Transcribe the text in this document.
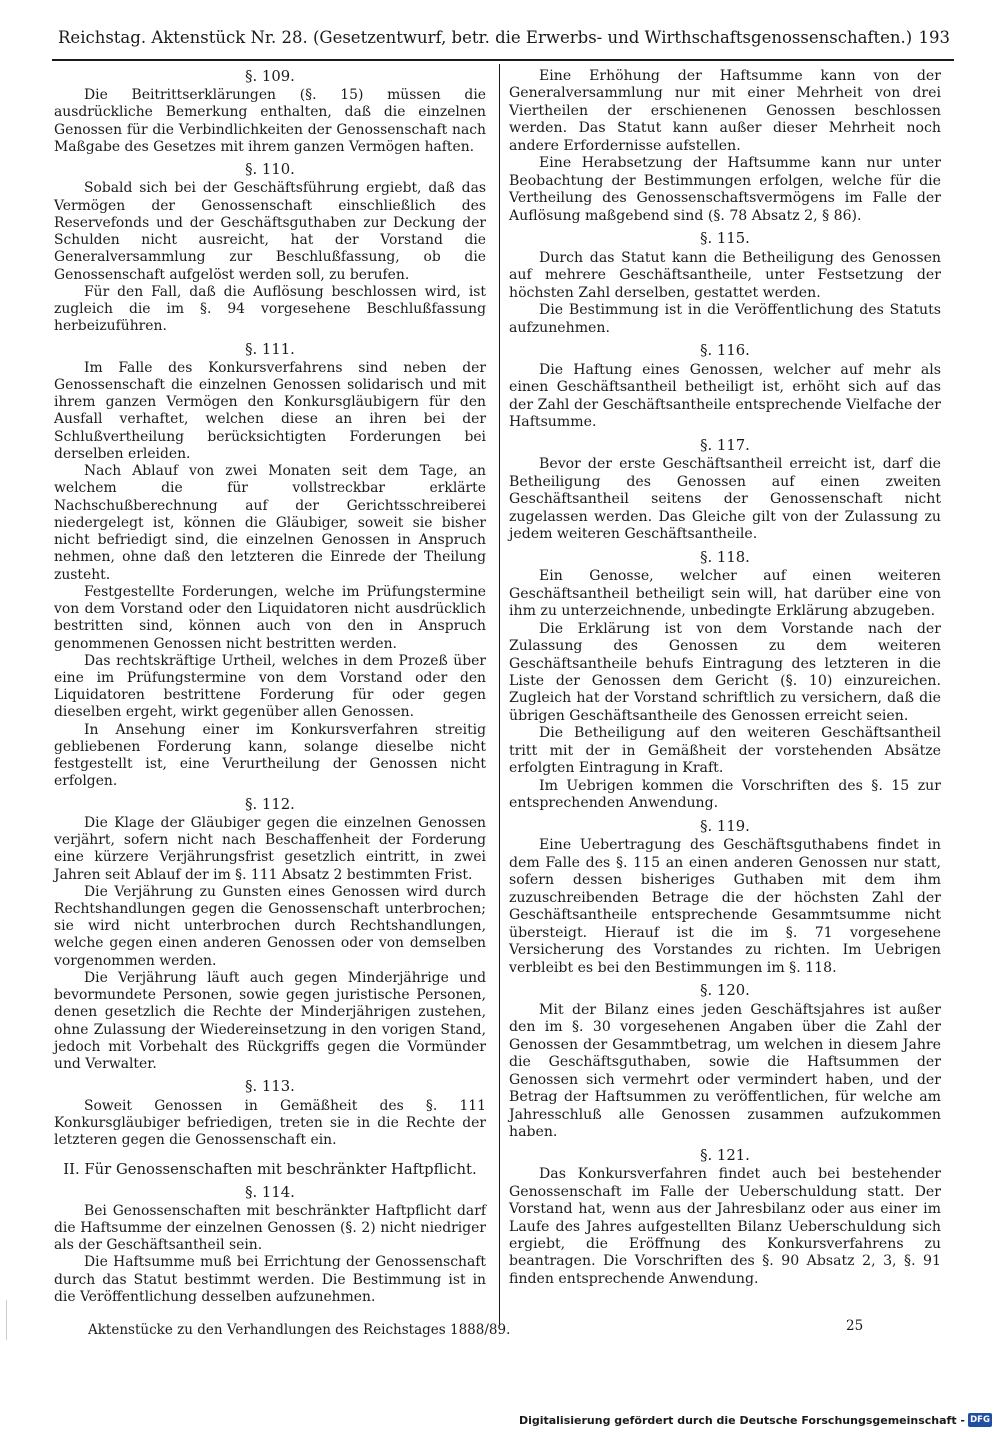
Reichstag. Aktenstück Nr. 28. (Gesetzentwurf, betr. die Erwerbs- und Wirthschaftsgenossenschaften.) 193
§. 109.
Die Beitrittserklärungen (§. 15) müssen die ausdrückliche Bemerkung enthalten, daß die einzelnen Genossen für die Verbindlichkeiten der Genossenschaft nach Maßgabe des Gesetzes mit ihrem ganzen Vermögen haften.
§. 110.
Sobald sich bei der Geschäftsführung ergiebt, daß das Vermögen der Genossenschaft einschließlich des Reservefonds und der Geschäftsguthaben zur Deckung der Schulden nicht ausreicht, hat der Vorstand die Generalversammlung zur Beschlußfassung, ob die Genossenschaft aufgelöst werden soll, zu berufen.
Für den Fall, daß die Auflösung beschlossen wird, ist zugleich die im §. 94 vorgesehene Beschlußfassung herbeizuführen.
§. 111.
Im Falle des Konkursverfahrens sind neben der Genossenschaft die einzelnen Genossen solidarisch und mit ihrem ganzen Vermögen den Konkursgläubigern für den Ausfall verhaftet, welchen diese an ihren bei der Schlußvertheilung berücksichtigten Forderungen bei derselben erleiden.
Nach Ablauf von zwei Monaten seit dem Tage, an welchem die für vollstreckbar erklärte Nachschußberechnung auf der Gerichtsschreiberei niedergelegt ist, können die Gläubiger, soweit sie bisher nicht befriedigt sind, die einzelnen Genossen in Anspruch nehmen, ohne daß den letzteren die Einrede der Theilung zusteht.
Festgestellte Forderungen, welche im Prüfungstermine von dem Vorstand oder den Liquidatoren nicht ausdrücklich bestritten sind, können auch von den in Anspruch genommenen Genossen nicht bestritten werden.
Das rechtskräftige Urtheil, welches in dem Prozeß über eine im Prüfungstermine von dem Vorstand oder den Liquidatoren bestrittene Forderung für oder gegen dieselben ergeht, wirkt gegenüber allen Genossen.
In Ansehung einer im Konkursverfahren streitig gebliebenen Forderung kann, solange dieselbe nicht festgestellt ist, eine Verurtheilung der Genossen nicht erfolgen.
§. 112.
Die Klage der Gläubiger gegen die einzelnen Genossen verjährt, sofern nicht nach Beschaffenheit der Forderung eine kürzere Verjährungsfrist gesetzlich eintritt, in zwei Jahren seit Ablauf der im §. 111 Absatz 2 bestimmten Frist.
Die Verjährung zu Gunsten eines Genossen wird durch Rechtshandlungen gegen die Genossenschaft unterbrochen; sie wird nicht unterbrochen durch Rechtshandlungen, welche gegen einen anderen Genossen oder von demselben vorgenommen werden.
Die Verjährung läuft auch gegen Minderjährige und bevormundete Personen, sowie gegen juristische Personen, denen gesetzlich die Rechte der Minderjährigen zustehen, ohne Zulassung der Wiedereinsetzung in den vorigen Stand, jedoch mit Vorbehalt des Rückgriffs gegen die Vormünder und Verwalter.
§. 113.
Soweit Genossen in Gemäßheit des §. 111 Konkursgläubiger befriedigen, treten sie in die Rechte der letzteren gegen die Genossenschaft ein.
II. Für Genossenschaften mit beschränkter Haftpflicht.
§. 114.
Bei Genossenschaften mit beschränkter Haftpflicht darf die Haftsumme der einzelnen Genossen (§. 2) nicht niedriger als der Geschäftsantheil sein.
Die Haftsumme muß bei Errichtung der Genossenschaft durch das Statut bestimmt werden. Die Bestimmung ist in die Veröffentlichung desselben aufzunehmen.
Eine Erhöhung der Haftsumme kann von der Generalversammlung nur mit einer Mehrheit von drei Viertheilen der erschienenen Genossen beschlossen werden. Das Statut kann außer dieser Mehrheit noch andere Erfordernisse aufstellen.
Eine Herabsetzung der Haftsumme kann nur unter Beobachtung der Bestimmungen erfolgen, welche für die Vertheilung des Genossenschaftsvermögens im Falle der Auflösung maßgebend sind (§. 78 Absatz 2, § 86).
§. 115.
Durch das Statut kann die Betheiligung des Genossen auf mehrere Geschäftsantheile, unter Festsetzung der höchsten Zahl derselben, gestattet werden.
Die Bestimmung ist in die Veröffentlichung des Statuts aufzunehmen.
§. 116.
Die Haftung eines Genossen, welcher auf mehr als einen Geschäftsantheil betheiligt ist, erhöht sich auf das der Zahl der Geschäftsantheile entsprechende Vielfache der Haftsumme.
§. 117.
Bevor der erste Geschäftsantheil erreicht ist, darf die Betheiligung des Genossen auf einen zweiten Geschäftsantheil seitens der Genossenschaft nicht zugelassen werden. Das Gleiche gilt von der Zulassung zu jedem weiteren Geschäftsantheile.
§. 118.
Ein Genosse, welcher auf einen weiteren Geschäftsantheil betheiligt sein will, hat darüber eine von ihm zu unterzeichnende, unbedingte Erklärung abzugeben.
Die Erklärung ist von dem Vorstande nach der Zulassung des Genossen zu dem weiteren Geschäftsantheile behufs Eintragung des letzteren in die Liste der Genossen dem Gericht (§. 10) einzureichen. Zugleich hat der Vorstand schriftlich zu versichern, daß die übrigen Geschäftsantheile des Genossen erreicht seien.
Die Betheiligung auf den weiteren Geschäftsantheil tritt mit der in Gemäßheit der vorstehenden Absätze erfolgten Eintragung in Kraft.
Im Uebrigen kommen die Vorschriften des §. 15 zur entsprechenden Anwendung.
§. 119.
Eine Uebertragung des Geschäftsguthabens findet in dem Falle des §. 115 an einen anderen Genossen nur statt, sofern dessen bisheriges Guthaben mit dem ihm zuzuschreibenden Betrage die der höchsten Zahl der Geschäftsantheile entsprechende Gesammtsumme nicht übersteigt. Hierauf ist die im §. 71 vorgesehene Versicherung des Vorstandes zu richten. Im Uebrigen verbleibt es bei den Bestimmungen im §. 118.
§. 120.
Mit der Bilanz eines jeden Geschäftsjahres ist außer den im §. 30 vorgesehenen Angaben über die Zahl der Genossen der Gesammtbetrag, um welchen in diesem Jahre die Geschäftsguthaben, sowie die Haftsummen der Genossen sich vermehrt oder vermindert haben, und der Betrag der Haftsummen zu veröffentlichen, für welche am Jahresschluß alle Genossen zusammen aufzukommen haben.
§. 121.
Das Konkursverfahren findet auch bei bestehender Genossenschaft im Falle der Ueberschuldung statt. Der Vorstand hat, wenn aus der Jahresbilanz oder aus einer im Laufe des Jahres aufgestellten Bilanz Ueberschuldung sich ergiebt, die Eröffnung des Konkursverfahrens zu beantragen. Die Vorschriften des §. 90 Absatz 2, 3, §. 91 finden entsprechende Anwendung.
Aktenstücke zu den Verhandlungen des Reichstages 1888/89.	25
Digitalisierung gefördert durch die Deutsche Forschungsgemeinschaft - DFG
